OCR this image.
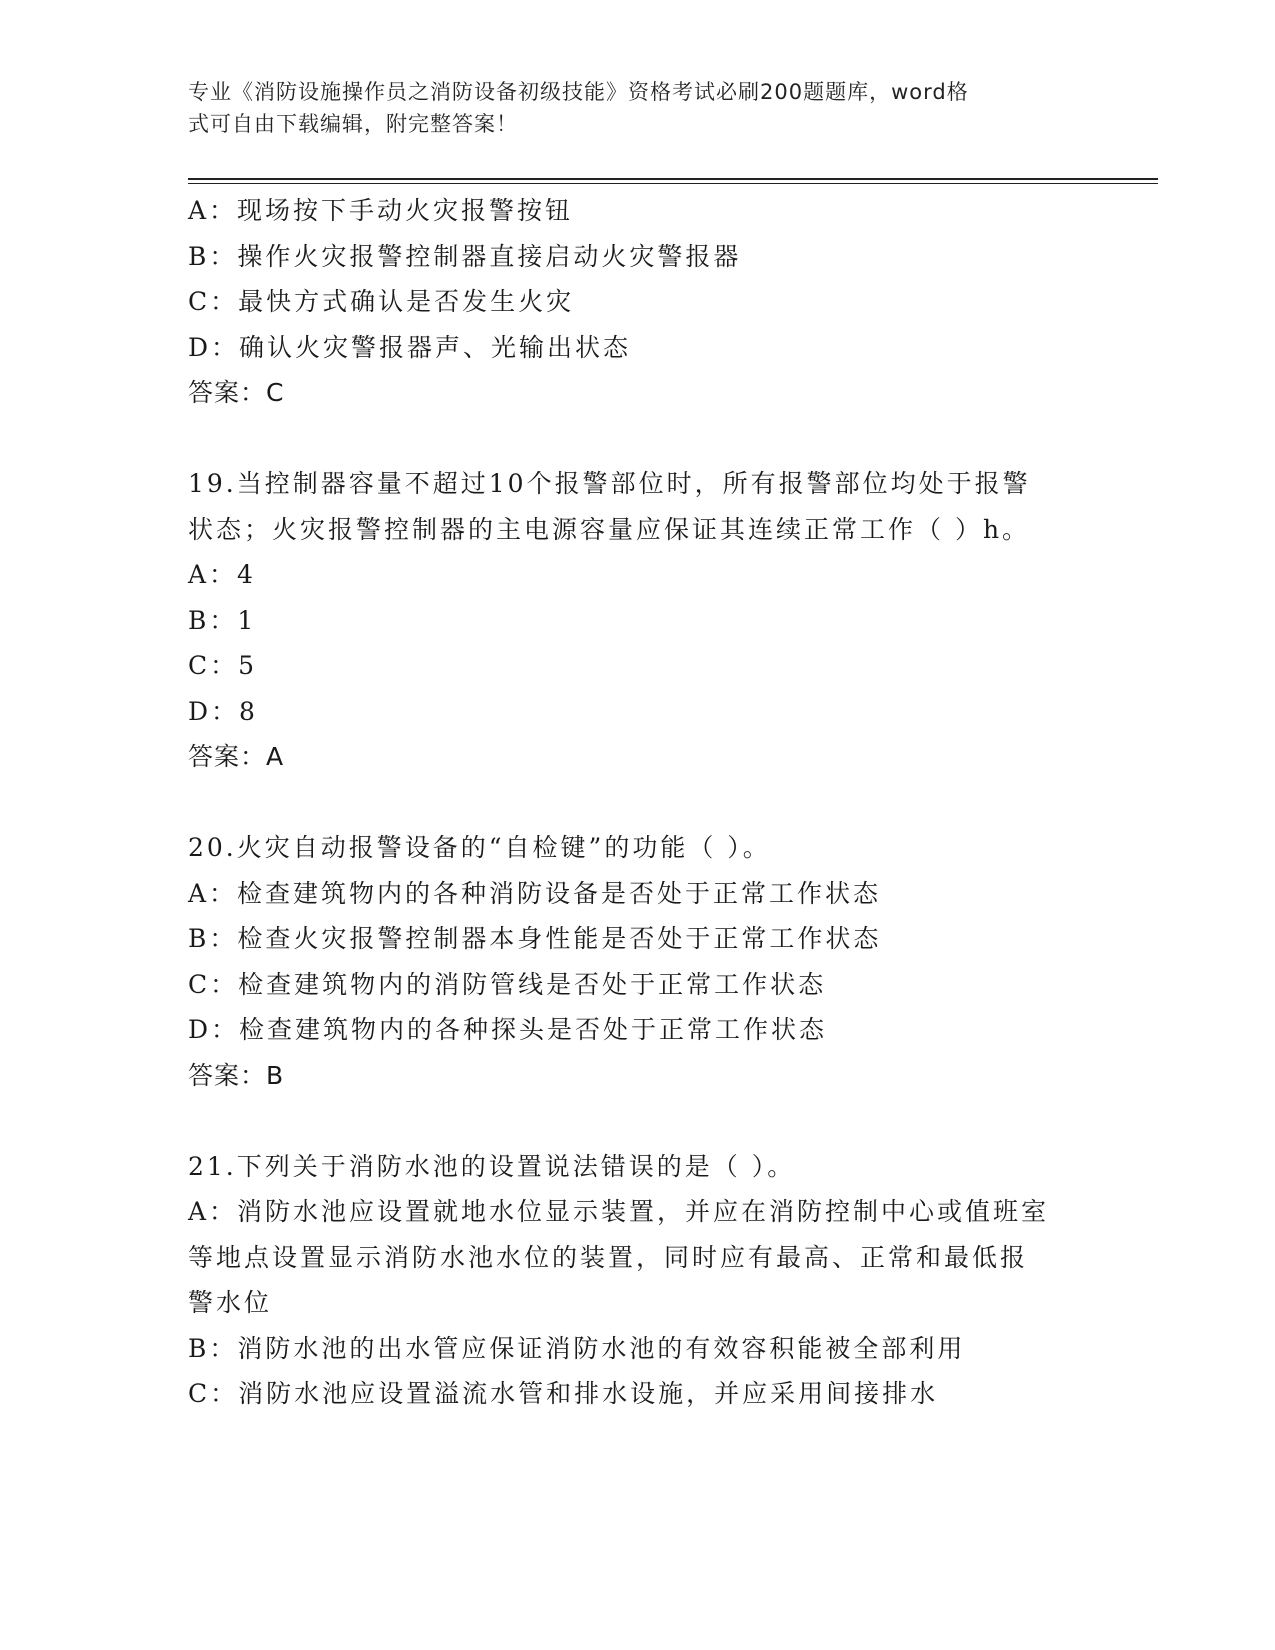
专业《消防设施操作员之消防设备初级技能》资格考试必刷200题题库，word格
式可自由下载编辑，附完整答案！
A：现场按下手动火灾报警按钮
B：操作火灾报警控制器直接启动火灾警报器
C：最快方式确认是否发生火灾
D：确认火灾警报器声、光输出状态
答案：C
19.当控制器容量不超过10个报警部位时，所有报警部位均处于报警
状态；火灾报警控制器的主电源容量应保证其连续正常工作（ ）h。
A：4
B：1
C：5
D：8
答案：A
20.火灾自动报警设备的“自检键”的功能（ ）。
A：检查建筑物内的各种消防设备是否处于正常工作状态
B：检查火灾报警控制器本身性能是否处于正常工作状态
C：检查建筑物内的消防管线是否处于正常工作状态
D：检查建筑物内的各种探头是否处于正常工作状态
答案：B
21.下列关于消防水池的设置说法错误的是（ ）。
A：消防水池应设置就地水位显示装置，并应在消防控制中心或值班室
等地点设置显示消防水池水位的装置，同时应有最高、正常和最低报
警水位
B：消防水池的出水管应保证消防水池的有效容积能被全部利用
C：消防水池应设置溢流水管和排水设施，并应采用间接排水
